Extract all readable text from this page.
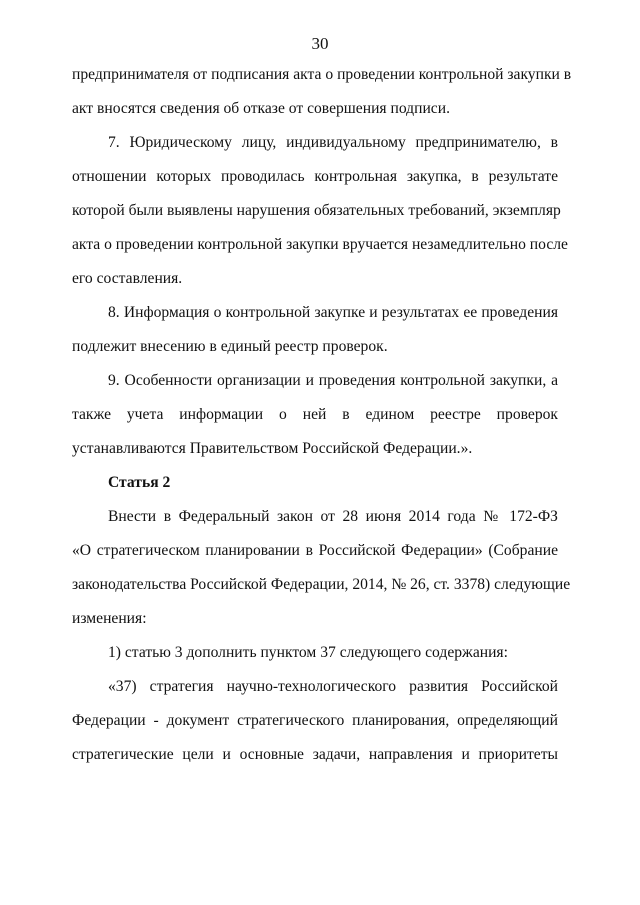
30
предпринимателя от подписания акта о проведении контрольной закупки в
акт вносятся сведения об отказе от совершения подписи.
7. Юридическому лицу, индивидуальному предпринимателю, в
отношении которых проводилась контрольная закупка, в результате
которой были выявлены нарушения обязательных требований, экземпляр
акта о проведении контрольной закупки вручается незамедлительно после
его составления.
8. Информация о контрольной закупке и результатах ее проведения
подлежит внесению в единый реестр проверок.
9. Особенности организации и проведения контрольной закупки, а
также учета информации о ней в едином реестре проверок
устанавливаются Правительством Российской Федерации.».
Статья 2
Внести в Федеральный закон от 28 июня 2014 года № 172-ФЗ
«О стратегическом планировании в Российской Федерации» (Собрание
законодательства Российской Федерации, 2014, № 26, ст. 3378) следующие
изменения:
1) статью 3 дополнить пунктом 37 следующего содержания:
«37) стратегия научно-технологического развития Российской
Федерации - документ стратегического планирования, определяющий
стратегические цели и основные задачи, направления и приоритеты
